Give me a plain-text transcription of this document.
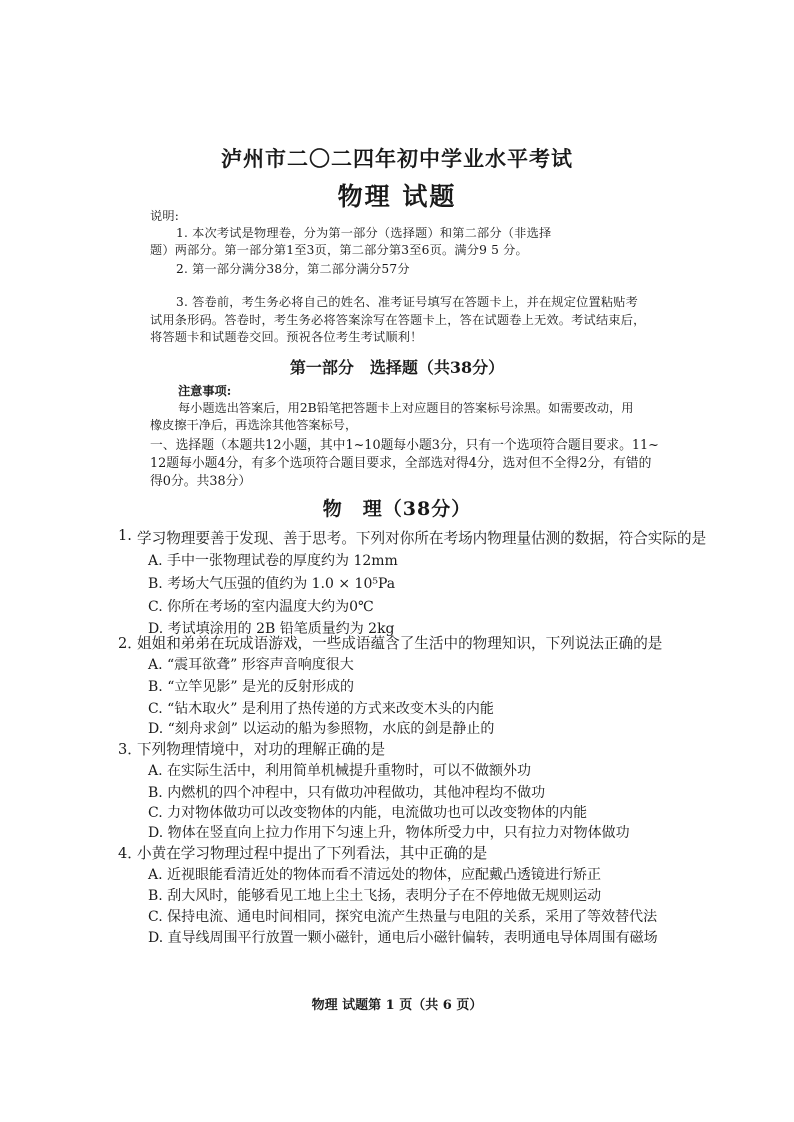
泸州市二〇二四年初中学业水平考试
物理 试题
说明:
1. 本次考试是物理卷，分为第一部分（选择题）和第二部分（非选择
题）两部分。第一部分第1至3页，第二部分第3至6页。满分9 5 分。
2. 第一部分满分38分，第二部分满分57分
3. 答卷前，考生务必将自己的姓名、准考证号填写在答题卡上，并在规定位置粘贴考
试用条形码。答卷时，考生务必将答案涂写在答题卡上，答在试题卷上无效。考试结束后，
将答题卡和试题卷交回。预祝各位考生考试顺利！
第一部分　选择题（共38分）
注意事项:
每小题选出答案后，用2B铅笔把答题卡上对应题目的答案标号涂黑。如需要改动，用
橡皮擦干净后，再选涂其他答案标号，
一、选择题（本题共12小题，其中1~10题每小题3分，只有一个选项符合题目要求。11~
12题每小题4分，有多个选项符合题目要求，全部选对得4分，选对但不全得2分，有错的
得0分。共38分）
物　理（38分）
1. 学习物理要善于发现、善于思考。下列对你所在考场内物理量估测的数据，符合实际的是
A. 手中一张物理试卷的厚度约为 12mm
B. 考场大气压强的值约为 1.0 × 10⁵Pa
C. 你所在考场的室内温度大约为0℃
D. 考试填涂用的 2B 铅笔质量约为 2kg
2．
姐姐和弟弟在玩成语游戏，一些成语蕴含了生活中的物理知识，下列说法正确的是
A. “震耳欲聋” 形容声音响度很大
B. “立竿见影” 是光的反射形成的
C. “钻木取火” 是利用了热传递的方式来改变木头的内能
D. “刻舟求剑” 以运动的船为参照物，水底的剑是静止的
3．
下列物理情境中，对功的理解正确的是
A. 在实际生活中，利用简单机械提升重物时，可以不做额外功
B. 内燃机的四个冲程中，只有做功冲程做功，其他冲程均不做功
C. 力对物体做功可以改变物体的内能，电流做功也可以改变物体的内能
D. 物体在竖直向上拉力作用下匀速上升，物体所受力中，只有拉力对物体做功
4．
小黄在学习物理过程中提出了下列看法，其中正确的是
A. 近视眼能看清近处的物体而看不清远处的物体，应配戴凸透镜进行矫正
B. 刮大风时，能够看见工地上尘土飞扬，表明分子在不停地做无规则运动
C. 保持电流、通电时间相同，探究电流产生热量与电阻的关系，采用了等效替代法
D. 直导线周围平行放置一颗小磁针，通电后小磁针偏转，表明通电导体周围有磁场
物理 试题第 1 页（共 6 页）
